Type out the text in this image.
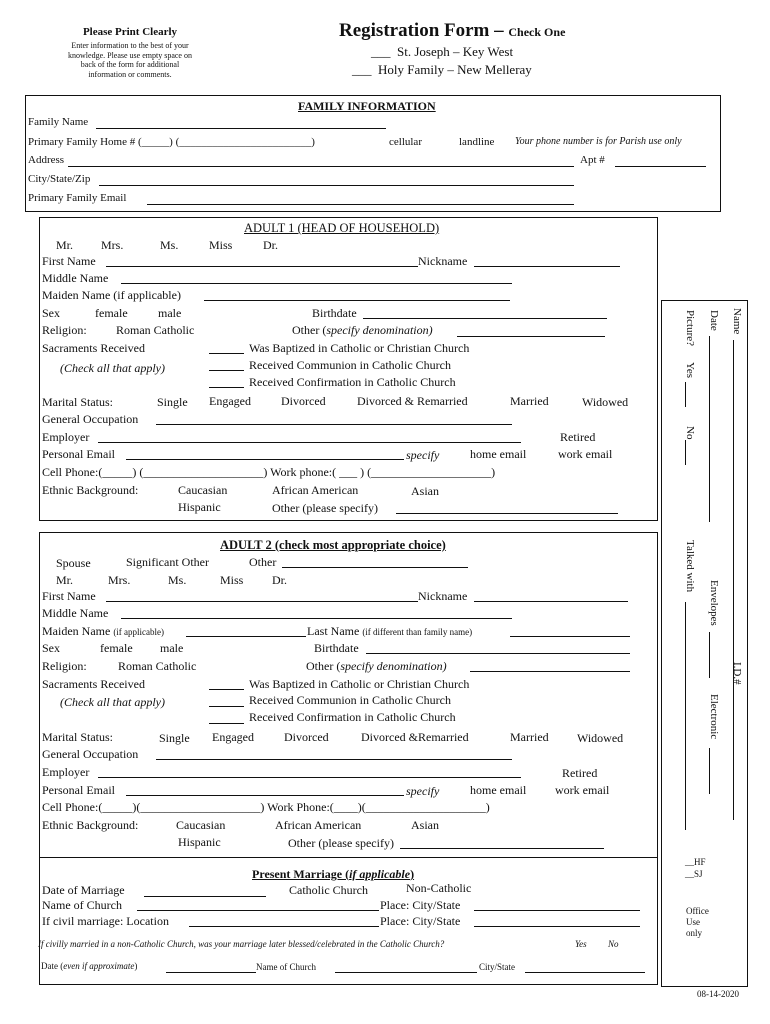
Please Print Clearly
Enter information to the best of your
knowledge. Please use empty space on
back of the form for additional
information or comments.
Registration Form – Check One
___ St. Joseph – Key West
___ Holy Family – New Melleray
FAMILY INFORMATION
Family Name
Primary Family Home # (_____) (________________________)	cellular	landline Your phone number is for Parish use only
Address	Apt #
City/State/Zip
Primary Family Email
ADULT 1 (HEAD OF HOUSEHOLD)
Mr. Mrs.	Ms.	Miss	Dr.
First Name	Nickname
Middle Name
Maiden Name (if applicable)
Sex	female	male	Birthdate
Religion: Roman Catholic	Other (specify denomination)
Sacraments Received
(Check all that apply)
Was Baptized in Catholic or Christian Church
Received Communion in Catholic Church
Received Confirmation in Catholic Church
Marital Status:	Single Engaged	Divorced	Divorced & Remarried	Married	Widowed
General Occupation
Employer	Retired
Personal Email	specify	home email	work email
Cell Phone:(_____) (____________________) Work phone:( ___ ) (____________________)
Ethnic Background:	Caucasian	African American	Asian
Hispanic	Other (please specify)
ADULT 2 (check most appropriate choice)
Spouse	Significant Other	Other
Mr.	Mrs.	Ms.	Miss Dr.
First Name	Nickname
Middle Name
Maiden Name (if applicable)	Last Name (if different than family name)
Sex	female male	Birthdate
Religion:	Roman Catholic	Other (specify denomination)
Sacraments Received
(Check all that apply)
Was Baptized in Catholic or Christian Church
Received Communion in Catholic Church
Received Confirmation in Catholic Church
Marital Status:	Single Engaged	Divorced	Divorced &Remarried	Married Widowed
General Occupation
Employer	Retired
Personal Email	specify	home email work email
Cell Phone:(_____)(____________________) Work Phone:(____)(____________________)
Ethnic Background:	Caucasian	African American	Asian
Hispanic	Other (please specify)
Present Marriage (if applicable)
Date of Marriage	Catholic Church	Non-Catholic
Name of Church	Place: City/State
If civil marriage: Location	Place: City/State
If civilly married in a non-Catholic Church, was your marriage later blessed/celebrated in the Catholic Church?	Yes No
Date (even if approximate)	Name of Church	City/State
Name
Date
Picture?
Yes
No
Talked with
Envelopes
Electronic
I.D.#
__HF
__SJ
Office
Use
only
08-14-2020
